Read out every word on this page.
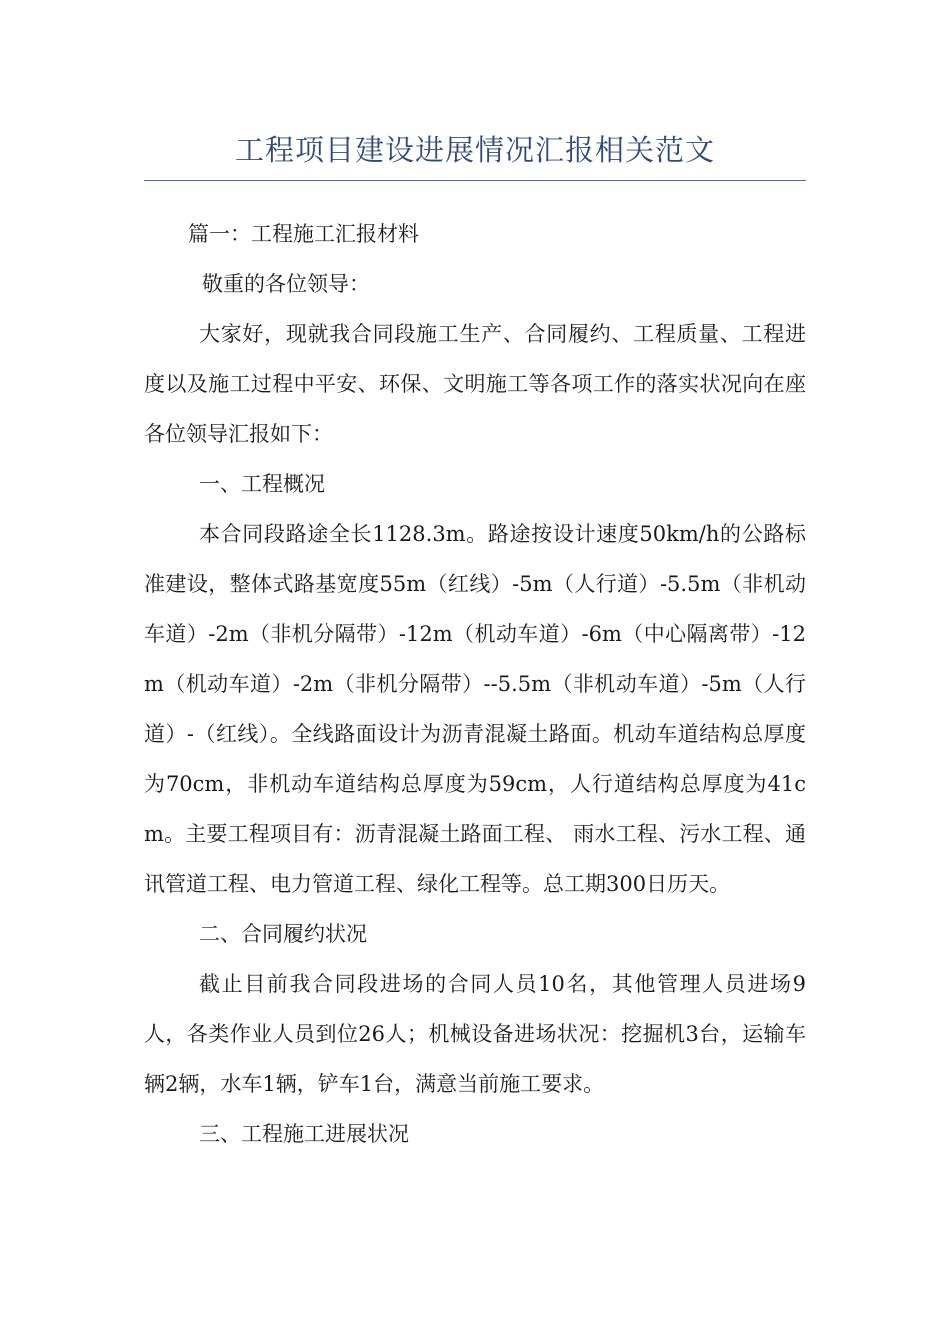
工程项目建设进展情况汇报相关范文

篇一：工程施工汇报材料

敬重的各位领导：

大家好，现就我合同段施工生产、合同履约、工程质量、工程进度以及施工过程中平安、环保、文明施工等各项工作的落实状况向在座各位领导汇报如下：

一、工程概况

本合同段路途全长1128.3m。路途按设计速度50km/h的公路标准建设，整体式路基宽度55m（红线）-5m（人行道）-5.5m（非机动车道）-2m（非机分隔带）-12m（机动车道）-6m（中心隔离带）-12m（机动车道）-2m（非机分隔带）--5.5m（非机动车道）-5m（人行道）-（红线）。全线路面设计为沥青混凝土路面。机动车道结构总厚度为70cm，非机动车道结构总厚度为59cm，人行道结构总厚度为41cm。主要工程项目有：沥青混凝土路面工程、 雨水工程、污水工程、通讯管道工程、电力管道工程、绿化工程等。总工期300日历天。

二、合同履约状况

截止目前我合同段进场的合同人员10名，其他管理人员进场9人，各类作业人员到位26人；机械设备进场状况：挖掘机3台，运输车辆2辆，水车1辆，铲车1台，满意当前施工要求。

三、工程施工进展状况
